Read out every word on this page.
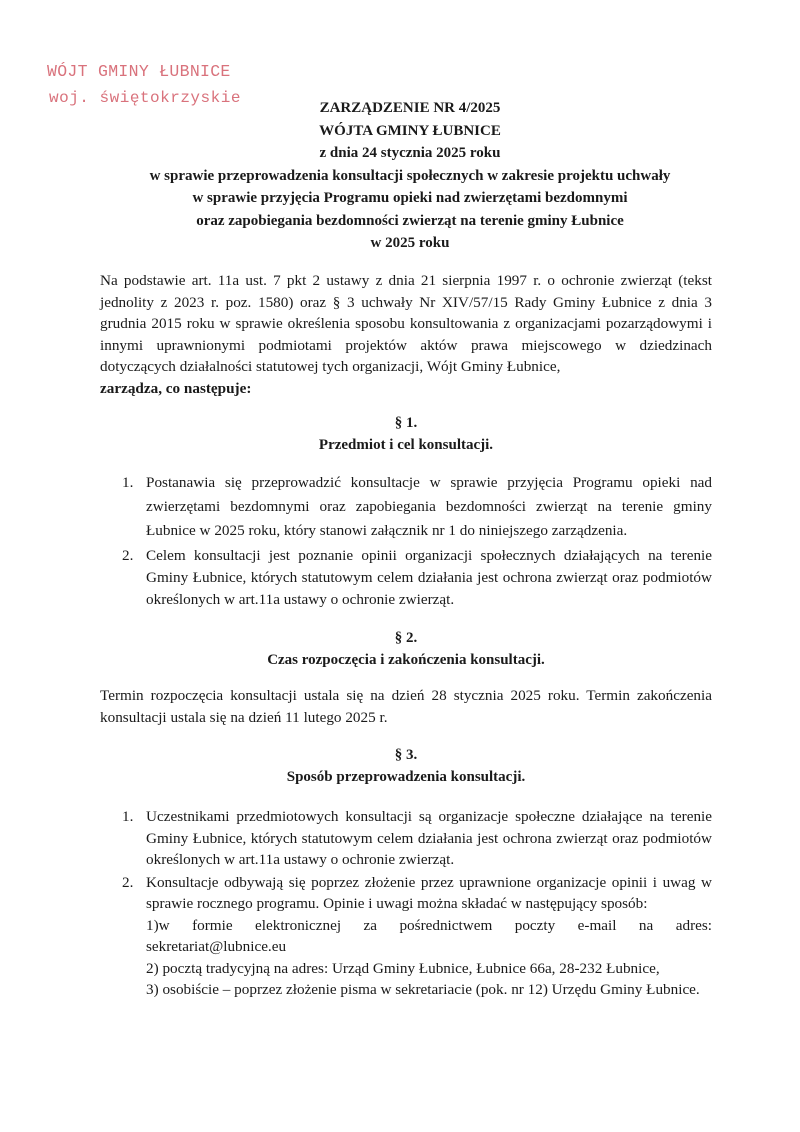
WÓJT GMINY ŁUBNICE
woj. świętokrzyskie
ZARZĄDZENIE NR 4/2025
WÓJTA GMINY ŁUBNICE
z dnia 24 stycznia 2025 roku
w sprawie przeprowadzenia konsultacji społecznych w zakresie projektu uchwały
w sprawie przyjęcia Programu opieki nad zwierzętami bezdomnymi
oraz zapobiegania bezdomności zwierząt na terenie gminy Łubnice
w 2025 roku
Na podstawie art. 11a ust. 7 pkt 2 ustawy z dnia 21 sierpnia 1997 r. o ochronie zwierząt (tekst jednolity z 2023 r. poz. 1580) oraz § 3 uchwały Nr XIV/57/15 Rady Gminy Łubnice z dnia 3 grudnia 2015 roku w sprawie określenia sposobu konsultowania z organizacjami pozarządowymi i innymi uprawnionymi podmiotami projektów aktów prawa miejscowego w dziedzinach dotyczących działalności statutowej tych organizacji, Wójt Gminy Łubnice,
zarządza, co następuje:
§ 1.
Przedmiot i cel konsultacji.
1. Postanawia się przeprowadzić konsultacje w sprawie przyjęcia Programu opieki nad zwierzętami bezdomnymi oraz zapobiegania bezdomności zwierząt na terenie gminy Łubnice w 2025 roku, który stanowi załącznik nr 1 do niniejszego zarządzenia.
2. Celem konsultacji jest poznanie opinii organizacji społecznych działających na terenie Gminy Łubnice, których statutowym celem działania jest ochrona zwierząt oraz podmiotów określonych w art.11a ustawy o ochronie zwierząt.
§ 2.
Czas rozpoczęcia i zakończenia konsultacji.
Termin rozpoczęcia konsultacji ustala się na dzień 28 stycznia 2025 roku. Termin zakończenia konsultacji ustala się na dzień 11 lutego 2025 r.
§ 3.
Sposób przeprowadzenia konsultacji.
1. Uczestnikami przedmiotowych konsultacji są organizacje społeczne działające na terenie Gminy Łubnice, których statutowym celem działania jest ochrona zwierząt oraz podmiotów określonych w art.11a ustawy o ochronie zwierząt.
2. Konsultacje odbywają się poprzez złożenie przez uprawnione organizacje opinii i uwag w sprawie rocznego programu. Opinie i uwagi można składać w następujący sposób:
1)w formie elektronicznej za pośrednictwem poczty e-mail na adres:
sekretariat@lubnice.eu
2) pocztą tradycyjną na adres: Urząd Gminy Łubnice, Łubnice 66a, 28-232 Łubnice,
3) osobiście – poprzez złożenie pisma w sekretariacie (pok. nr 12) Urzędu Gminy Łubnice.
